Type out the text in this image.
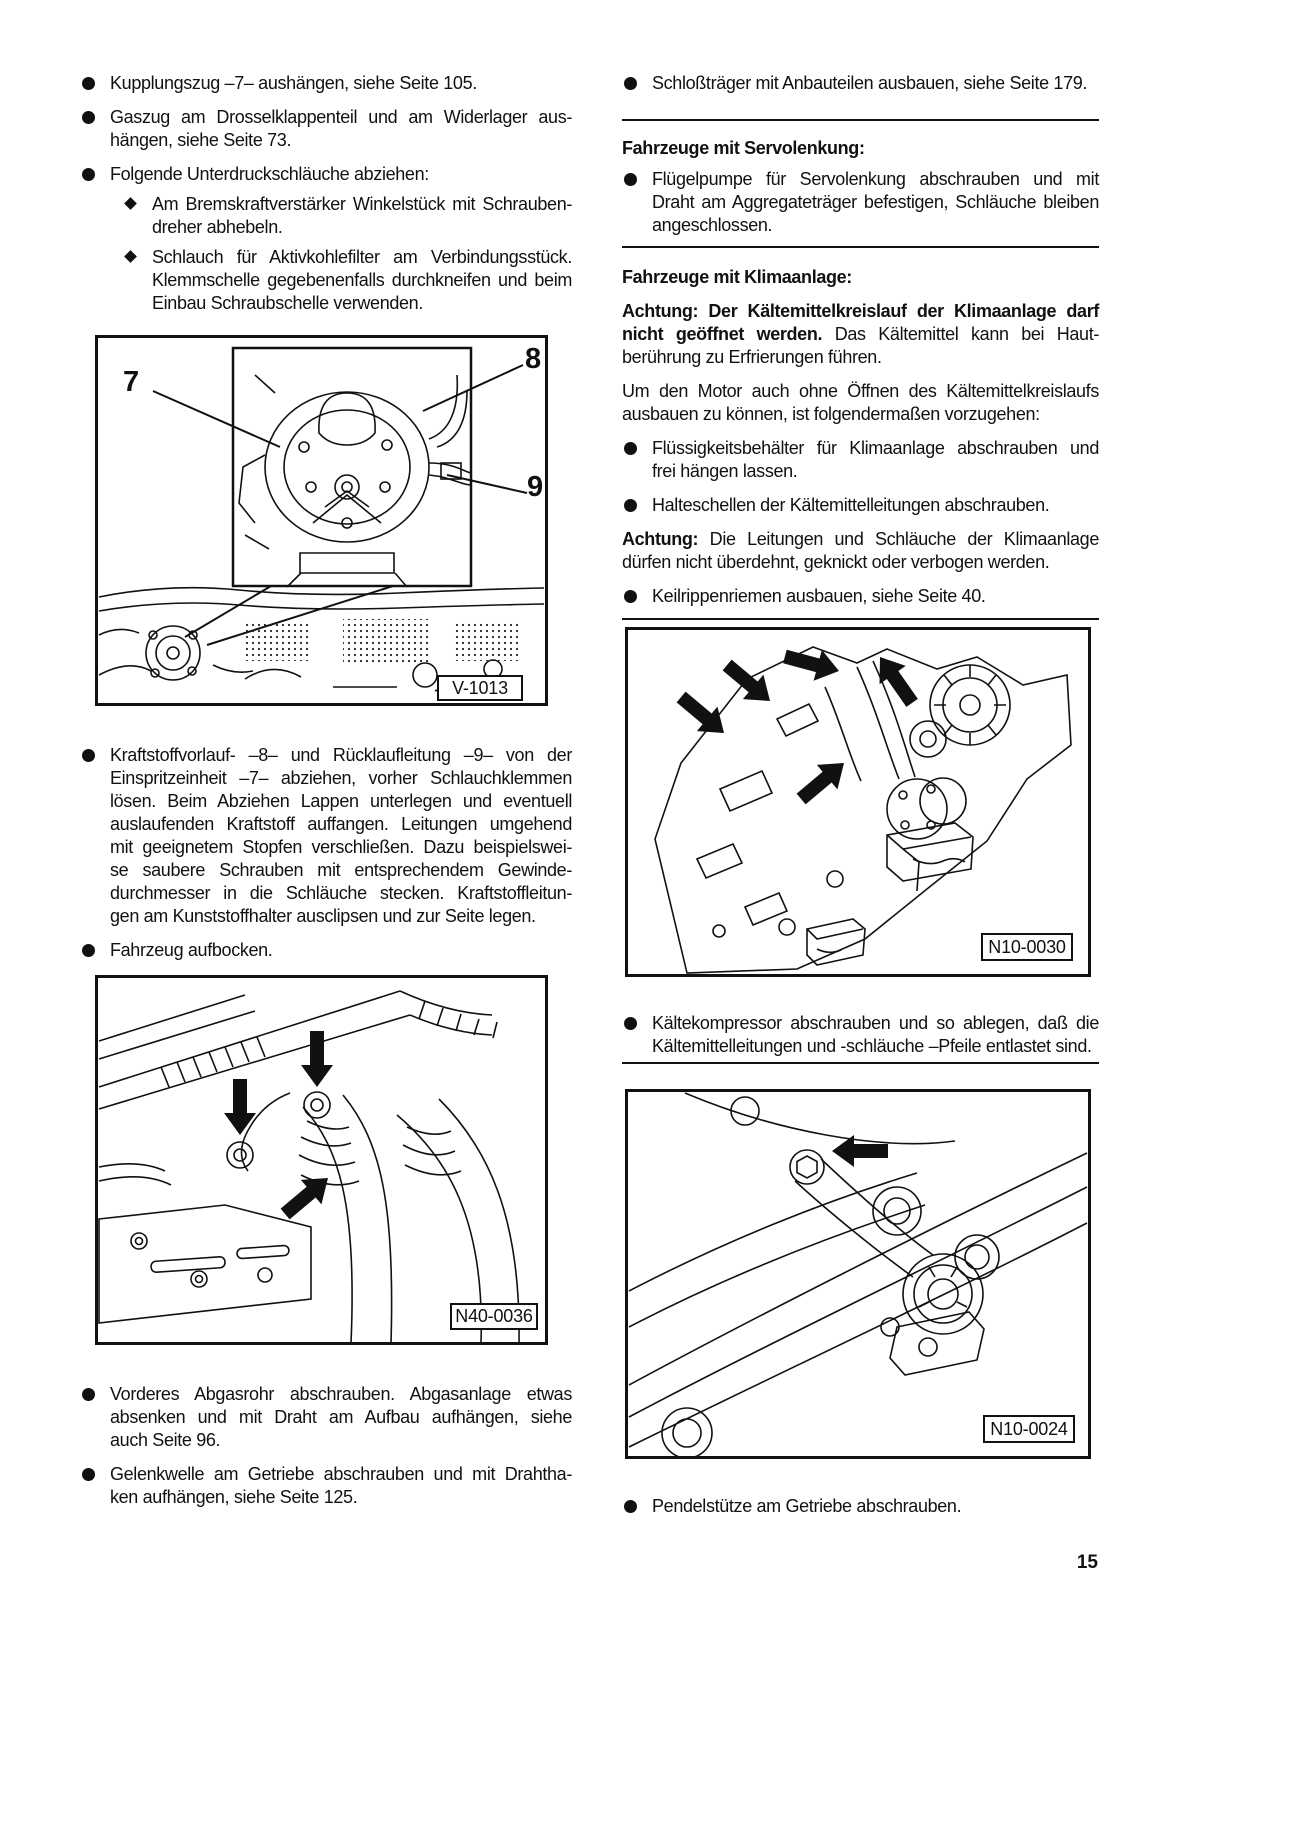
Kupplungszug –7– aushängen, siehe Seite 105.
Gaszug am Drosselklappenteil und am Widerlager aus-
hängen, siehe Seite 73.
Folgende Unterdruckschläuche abziehen:
Am Bremskraftverstärker Winkelstück mit Schrauben-
dreher abhebeln.
Schlauch für Aktivkohlefilter am Verbindungsstück.
Klemmschelle gegebenenfalls durchkneifen und beim
Einbau Schraubschelle verwenden.
7
8
9
V-1013
Kraftstoffvorlauf- –8– und Rücklaufleitung –9– von der
Einspritzeinheit –7– abziehen, vorher Schlauchklemmen
lösen. Beim Abziehen Lappen unterlegen und eventuell
auslaufenden Kraftstoff auffangen. Leitungen umgehend
mit geeignetem Stopfen verschließen. Dazu beispielswei-
se saubere Schrauben mit entsprechendem Gewinde-
durchmesser in die Schläuche stecken. Kraftstoffleitun-
gen am Kunststoffhalter ausclipsen und zur Seite legen.
Fahrzeug aufbocken.
N40-0036
Vorderes Abgasrohr abschrauben. Abgasanlage etwas
absenken und mit Draht am Aufbau aufhängen, siehe
auch Seite 96.
Gelenkwelle am Getriebe abschrauben und mit Drahtha-
ken aufhängen, siehe Seite 125.
Schloßträger mit Anbauteilen ausbauen, siehe Seite 179.
Fahrzeuge mit Servolenkung:
Flügelpumpe für Servolenkung abschrauben und mit
Draht am Aggregateträger befestigen, Schläuche bleiben
angeschlossen.
Fahrzeuge mit Klimaanlage:
Achtung: Der Kältemittelkreislauf der Klimaanlage darf
nicht geöffnet werden. Das Kältemittel kann bei Haut-
berührung zu Erfrierungen führen.
Um den Motor auch ohne Öffnen des Kältemittelkreislaufs
ausbauen zu können, ist folgendermaßen vorzugehen:
Flüssigkeitsbehälter für Klimaanlage abschrauben und
frei hängen lassen.
Halteschellen der Kältemittelleitungen abschrauben.
Achtung: Die Leitungen und Schläuche der Klimaanlage
dürfen nicht überdehnt, geknickt oder verbogen werden.
Keilrippenriemen ausbauen, siehe Seite 40.
N10-0030
Kältekompressor abschrauben und so ablegen, daß die
Kältemittelleitungen und -schläuche –Pfeile entlastet sind.
N10-0024
Pendelstütze am Getriebe abschrauben.
15
